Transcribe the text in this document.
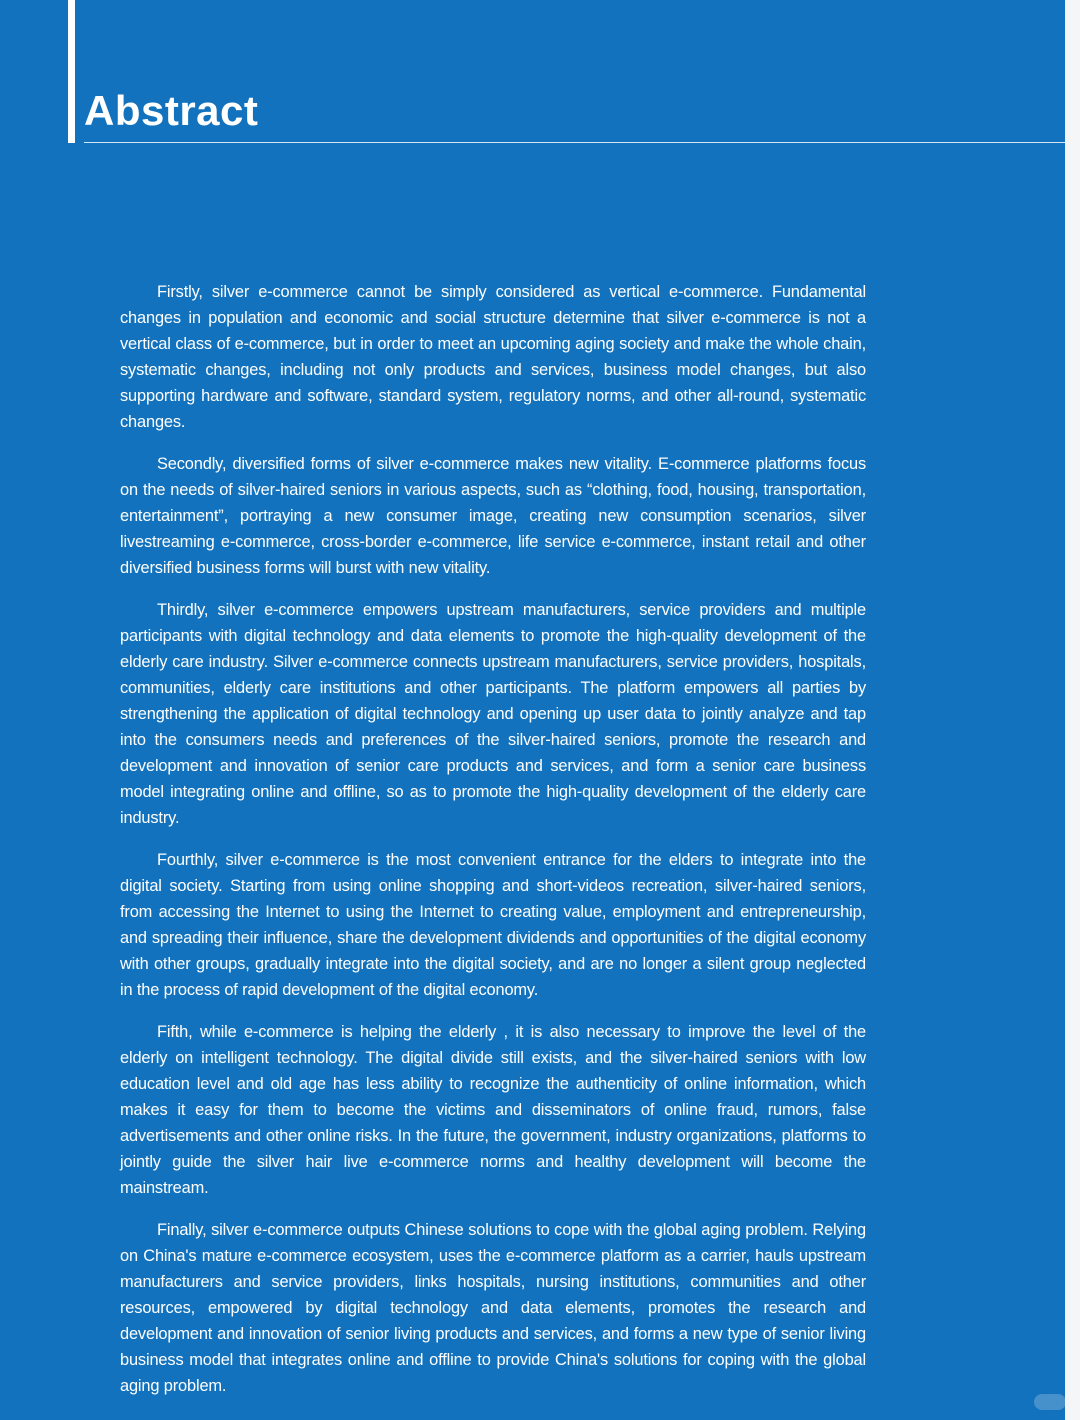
Abstract

Firstly, silver e-commerce cannot be simply considered as vertical e-commerce. Fundamental changes in population and economic and social structure determine that silver e-commerce is not a vertical class of e-commerce, but in order to meet an upcoming aging society and make the whole chain, systematic changes, including not only products and services, business model changes, but also supporting hardware and software, standard system, regulatory norms, and other all-round, systematic changes.

Secondly, diversified forms of silver e-commerce makes new vitality. E-commerce platforms focus on the needs of silver-haired seniors in various aspects, such as “clothing, food, housing, transportation, entertainment”, portraying a new consumer image, creating new consumption scenarios, silver livestreaming e-commerce, cross-border e-commerce, life service e-commerce, instant retail and other diversified business forms will burst with new vitality.

Thirdly, silver e-commerce empowers upstream manufacturers, service providers and multiple participants with digital technology and data elements to promote the high-quality development of the elderly care industry. Silver e-commerce connects upstream manufacturers, service providers, hospitals, communities, elderly care institutions and other participants. The platform empowers all parties by strengthening the application of digital technology and opening up user data to jointly analyze and tap into the consumers needs and preferences of the silver-haired seniors, promote the research and development and innovation of senior care products and services, and form a senior care business model integrating online and offline, so as to promote the high-quality development of the elderly care industry.

Fourthly, silver e-commerce is the most convenient entrance for the elders to integrate into the digital society. Starting from using online shopping and short-videos recreation, silver-haired seniors, from accessing the Internet to using the Internet to creating value, employment and entrepreneurship, and spreading their influence, share the development dividends and opportunities of the digital economy with other groups, gradually integrate into the digital society, and are no longer a silent group neglected in the process of rapid development of the digital economy.

Fifth, while e-commerce is helping the elderly , it is also necessary to improve the level of the elderly on intelligent technology. The digital divide still exists, and the silver-haired seniors with low education level and old age has less ability to recognize the authenticity of online information, which makes it easy for them to become the victims and disseminators of online fraud, rumors, false advertisements and other online risks. In the future, the government, industry organizations, platforms to jointly guide the silver hair live e-commerce norms and healthy development will become the mainstream.

Finally, silver e-commerce outputs Chinese solutions to cope with the global aging problem. Relying on China's mature e-commerce ecosystem, uses the e-commerce platform as a carrier, hauls upstream manufacturers and service providers, links hospitals, nursing institutions, communities and other resources, empowered by digital technology and data elements, promotes the research and development and innovation of senior living products and services, and forms a new type of senior living business model that integrates online and offline to provide China's solutions for coping with the global aging problem.
